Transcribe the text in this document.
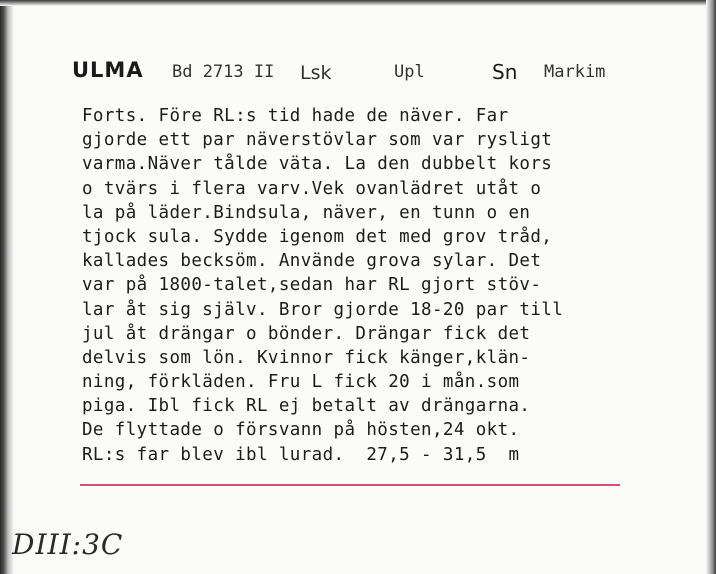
ULMA Bd 2713 II Lsk	Upl	Sn Markim
Forts. Före RL:s tid hade de näver. Far
gjorde ett par näverstövlar som var rysligt
varma.Näver tålde väta. La den dubbelt kors
o tvärs i flera varv.Vek ovanlädret utåt o
la på läder.Bindsula, näver, en tunn o en
tjock sula. Sydde igenom det med grov tråd,
kallades becksöm. Använde grova sylar. Det
var på 1800-talet,sedan har RL gjort stöv-
lar åt sig själv. Bror gjorde 18-20 par till
jul åt drängar o bönder. Drängar fick det
delvis som lön. Kvinnor fick känger,klän-
ning, förkläden. Fru L fick 20 i mån.som
piga. Ibl fick RL ej betalt av drängarna.
De flyttade o försvann på hösten,24 okt.
RL:s far blev ibl lurad.  27,5 - 31,5  m
DIII:3C
